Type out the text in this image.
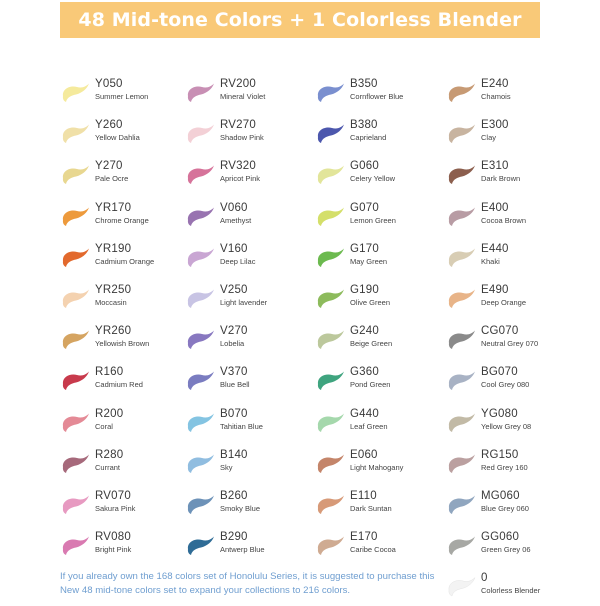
48 Mid-tone Colors + 1 Colorless Blender
Y050
Summer Lemon
Y260
Yellow Dahlia
Y270
Pale Ocre
YR170
Chrome Orange
YR190
Cadmium Orange
YR250
Moccasin
YR260
Yellowish Brown
R160
Cadmium Red
R200
Coral
R280
Currant
RV070
Sakura Pink
RV080
Bright Pink
RV200
Mineral Violet
RV270
Shadow Pink
RV320
Apricot Pink
V060
Amethyst
V160
Deep Lilac
V250
Light lavender
V270
Lobelia
V370
Blue Bell
B070
Tahitian Blue
B140
Sky
B260
Smoky Blue
B290
Antwerp Blue
B350
Cornflower Blue
B380
Caprieland
G060
Celery Yellow
G070
Lemon Green
G170
May Green
G190
Olive Green
G240
Beige Green
G360
Pond Green
G440
Leaf Green
E060
Light Mahogany
E110
Dark Suntan
E170
Caribe Cocoa
E240
Chamois
E300
Clay
E310
Dark Brown
E400
Cocoa Brown
E440
Khaki
E490
Deep Orange
CG070
Neutral Grey 070
BG070
Cool Grey 080
YG080
Yellow Grey 08
RG150
Red Grey 160
MG060
Blue Grey 060
GG060
Green Grey 06
0
Colorless Blender
If you already own the 168 colors set of Honolulu Series, it is suggested to purchase this New 48 mid-tone colors set to expand your collections to 216 colors.
